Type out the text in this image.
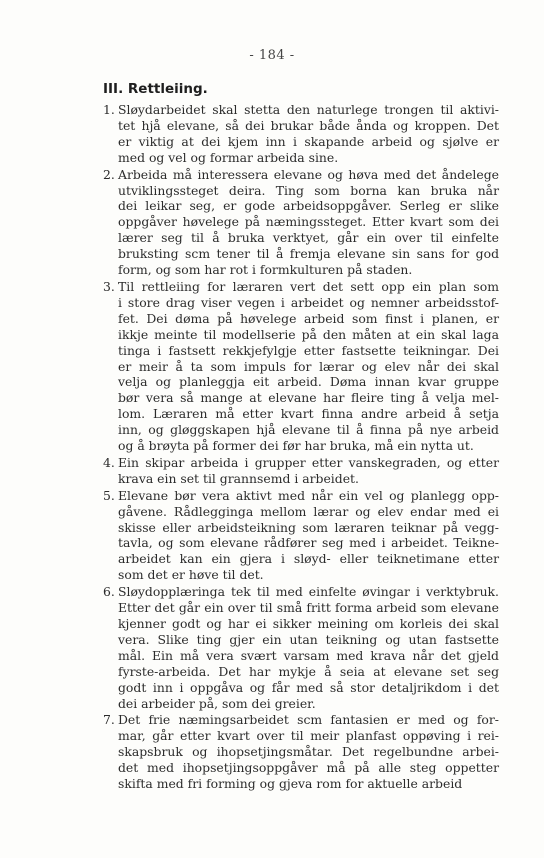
- 184 -
III. Rettleiing.
1. Sløydarbeidet skal stetta den naturlege trongen til aktivi-
tet hjå elevane, så dei brukar både ånda og kroppen. Det
er viktig at dei kjem inn i skapande arbeid og sjølve er
med og vel og formar arbeida sine.
2. Arbeida må interessera elevane og høva med det åndelege
utviklingssteget deira. Ting som borna kan bruka når
dei leikar seg, er gode arbeidsoppgåver. Serleg er slike
oppgåver høvelege på næmingssteget. Etter kvart som dei
lærer seg til å bruka verktyet, går ein over til einfelte
bruksting scm tener til å fremja elevane sin sans for god
form, og som har rot i formkulturen på staden.
3. Til rettleiing for læraren vert det sett opp ein plan som
i store drag viser vegen i arbeidet og nemner arbeidsstof-
fet. Dei døma på høvelege arbeid som finst i planen, er
ikkje meinte til modellserie på den måten at ein skal laga
tinga i fastsett rekkjefylgje etter fastsette teikningar. Dei
er meir å ta som impuls for lærar og elev når dei skal
velja og planleggja eit arbeid. Døma innan kvar gruppe
bør vera så mange at elevane har fleire ting å velja mel-
lom. Læraren må etter kvart finna andre arbeid å setja
inn, og gløggskapen hjå elevane til å finna på nye arbeid
og å brøyta på former dei før har bruka, må ein nytta ut.
4. Ein skipar arbeida i grupper etter vanskegraden, og etter
krava ein set til grannsemd i arbeidet.
5. Elevane bør vera aktivt med når ein vel og planlegg opp-
gåvene. Rådlegginga mellom lærar og elev endar med ei
skisse eller arbeidsteikning som læraren teiknar på vegg-
tavla, og som elevane rådfører seg med i arbeidet. Teikne-
arbeidet kan ein gjera i sløyd- eller teiknetimane etter
som det er høve til det.
6. Sløydopplæringa tek til med einfelte øvingar i verktybruk.
Etter det går ein over til små fritt forma arbeid som elevane
kjenner godt og har ei sikker meining om korleis dei skal
vera. Slike ting gjer ein utan teikning og utan fastsette
mål. Ein må vera svært varsam med krava når det gjeld
fyrste-arbeida. Det har mykje å seia at elevane set seg
godt inn i oppgåva og får med så stor detaljrikdom i det
dei arbeider på, som dei greier.
7. Det frie næmingsarbeidet scm fantasien er med og for-
mar, går etter kvart over til meir planfast oppøving i rei-
skapsbruk og ihopsetjingsmåtar. Det regelbundne arbei-
det med ihopsetjingsoppgåver må på alle steg oppetter
skifta med fri forming og gjeva rom for aktuelle arbeid
